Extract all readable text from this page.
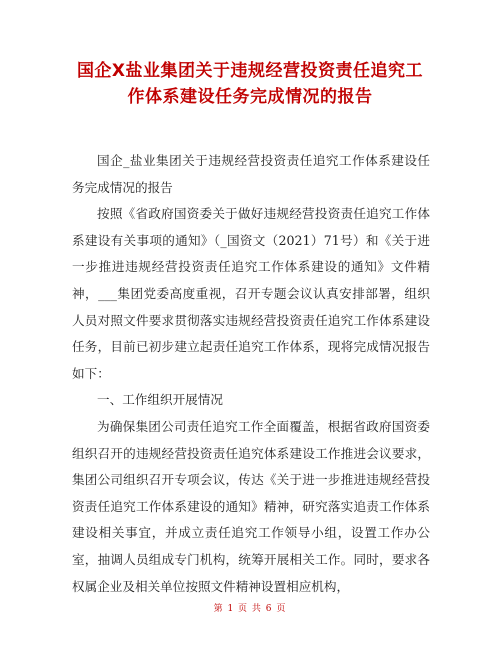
国企X盐业集团关于违规经营投资责任追究工
作体系建设任务完成情况的报告

国企_盐业集团关于违规经营投资责任追究工作体系建设任务完成情况的报告

按照《省政府国资委关于做好违规经营投资责任追究工作体系建设有关事项的通知》（_国资文（2021）71号）和《关于进一步推进违规经营投资责任追究工作体系建设的通知》文件精神，___集团党委高度重视，召开专题会议认真安排部署，组织人员对照文件要求贯彻落实违规经营投资责任追究工作体系建设任务，目前已初步建立起责任追究工作体系，现将完成情况报告如下：

一、工作组织开展情况

为确保集团公司责任追究工作全面覆盖，根据省政府国资委组织召开的违规经营投资责任追究体系建设工作推进会议要求，集团公司组织召开专项会议，传达《关于进一步推进违规经营投资责任追究工作体系建设的通知》精神，研究落实追责工作体系建设相关事宜，并成立责任追究工作领导小组，设置工作办公室，抽调人员组成专门机构，统筹开展相关工作。同时，要求各权属企业及相关单位按照文件精神设置相应机构，

第 1 页 共 6 页
